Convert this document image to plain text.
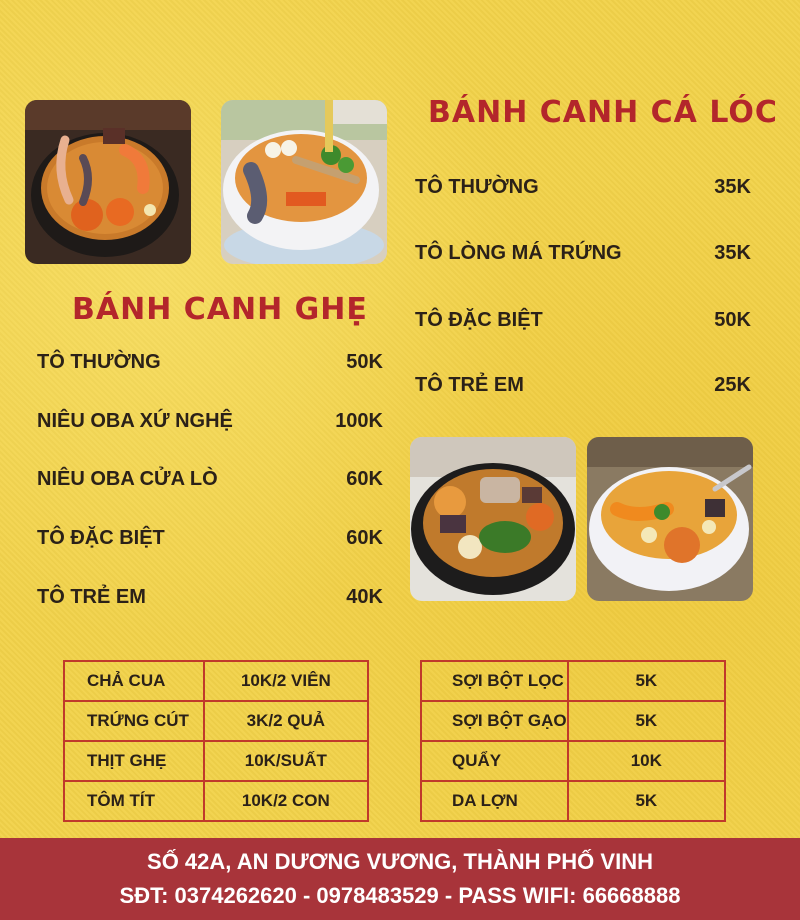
BÁNH CANH CÁ LÓC
BÁNH CANH GHẸ
TÔ THƯỜNG	35K
TÔ LÒNG MÁ TRỨNG	35K
TÔ ĐẶC BIỆT	50K
TÔ TRẺ EM	25K
TÔ THƯỜNG	50K
NIÊU OBA XỨ NGHỆ	100K
NIÊU OBA CỬA LÒ	60K
TÔ ĐẶC BIỆT	60K
TÔ TRẺ EM	40K
CHẢ CUA	10K/2 VIÊN
TRỨNG CÚT	3K/2 QUẢ
THỊT GHẸ	10K/SUẤT
TÔM TÍT	10K/2 CON
SỢI BỘT LỌC	5K
SỢI BỘT GẠO	5K
QUẨY	10K
DA LỢN	5K
SỐ 42A, AN DƯƠNG VƯƠNG, THÀNH PHỐ VINH
SĐT: 0374262620 - 0978483529 - PASS WIFI: 66668888
